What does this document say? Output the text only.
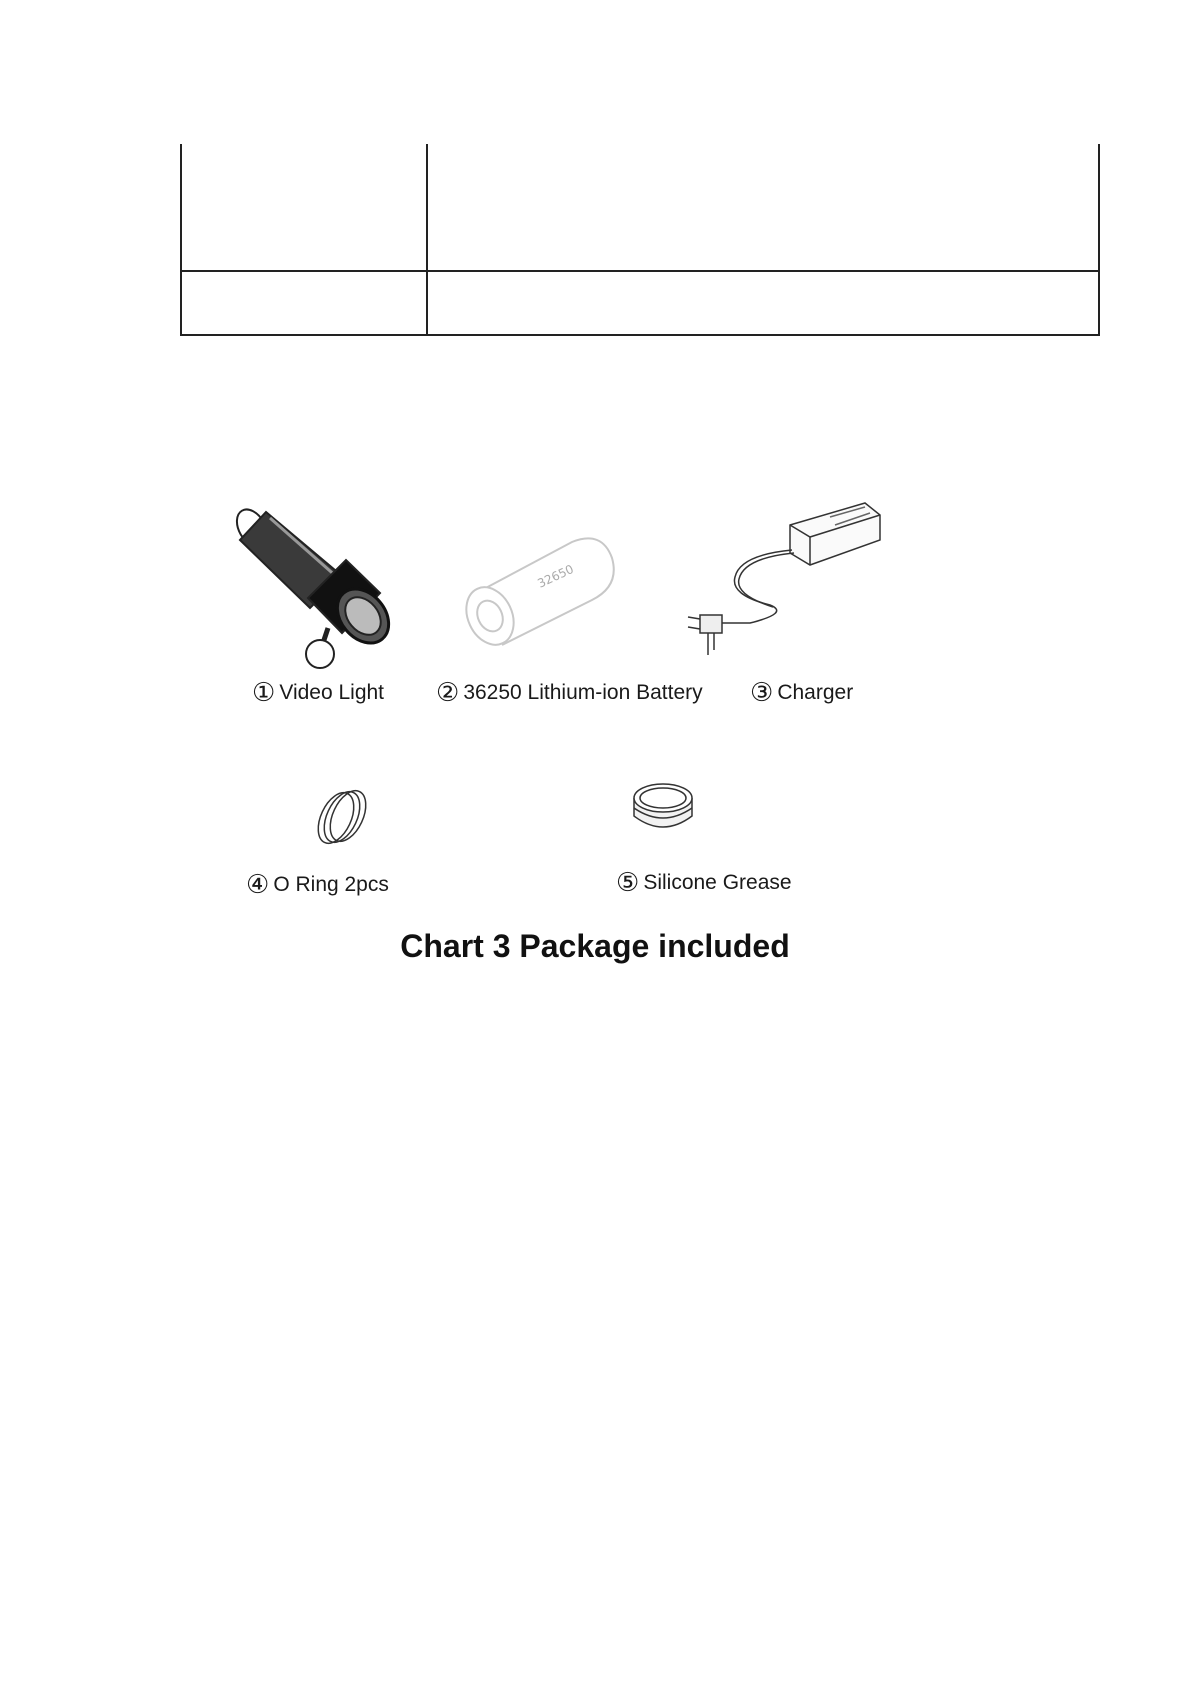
① Video Light
32650
② 36250 Lithium-ion Battery ③ Charger
④ O Ring 2pcs	⑤ Silicone Grease
Chart 3 Package included
